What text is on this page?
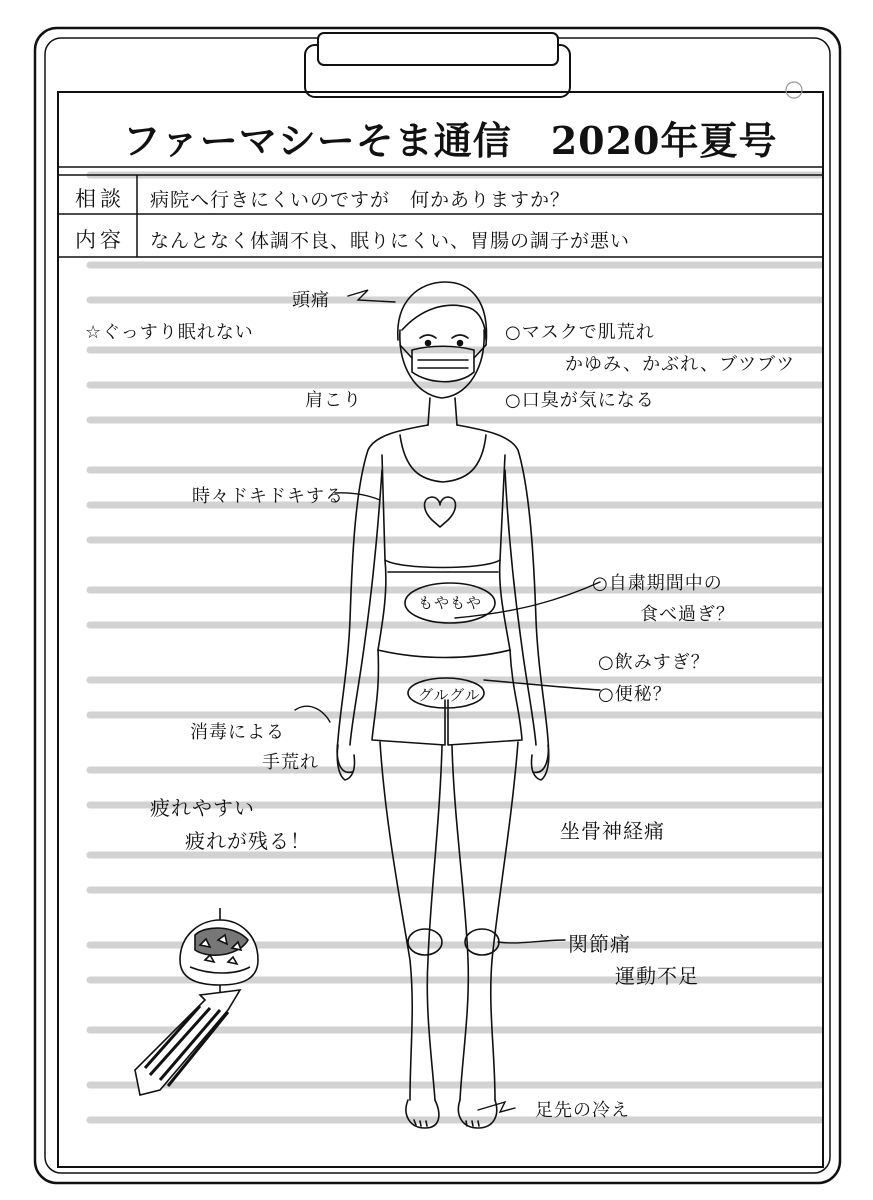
ファーマシーそま通信　2020年夏号
相談 病院へ行きにくいのですが　何かありますか？
内容 なんとなく体調不良、眠りにくい、胃腸の調子が悪い
頭痛
☆ぐっすり眠れない	○マスクで肌荒れ
かゆみ、かぶれ、ブツブツ
肩こり	○口臭が気になる
時々ドキドキする
もやもや
○自粛期間中の
食べ過ぎ？
○飲みすぎ？
○便秘？
グルグル
消毒による
手荒れ
疲れやすい
疲れが残る！	坐骨神経痛
関節痛
運動不足
足先の冷え
